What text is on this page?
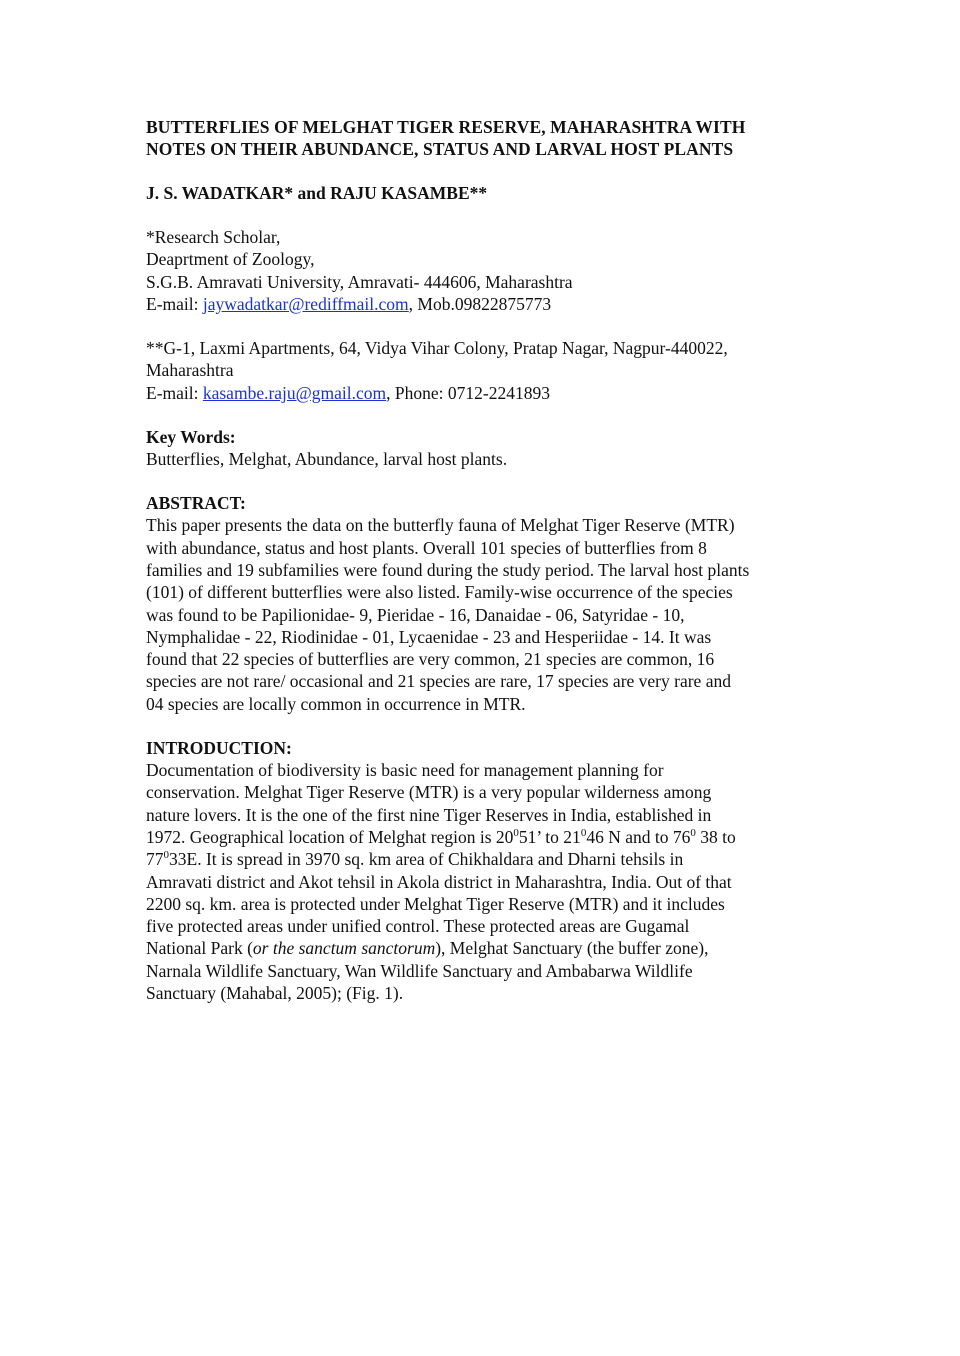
BUTTERFLIES OF MELGHAT TIGER RESERVE, MAHARASHTRA WITH
NOTES ON THEIR ABUNDANCE, STATUS AND LARVAL HOST PLANTS
J. S. WADATKAR* and RAJU KASAMBE**
*Research Scholar,
Deaprtment of Zoology,
S.G.B. Amravati University, Amravati- 444606, Maharashtra
E-mail: jaywadatkar@rediffmail.com, Mob.09822875773
**G-1, Laxmi Apartments, 64, Vidya Vihar Colony, Pratap Nagar, Nagpur-440022,
Maharashtra
E-mail: kasambe.raju@gmail.com, Phone: 0712-2241893
Key Words:
Butterflies, Melghat, Abundance, larval host plants.
ABSTRACT:
This paper presents the data on the butterfly fauna of Melghat Tiger Reserve (MTR)
with abundance, status and host plants. Overall 101 species of butterflies from 8
families and 19 subfamilies were found during the study period. The larval host plants
(101) of different butterflies were also listed. Family-wise occurrence of the species
was found to be Papilionidae- 9, Pieridae - 16, Danaidae - 06, Satyridae - 10,
Nymphalidae - 22, Riodinidae - 01, Lycaenidae - 23 and Hesperiidae - 14. It was
found that 22 species of butterflies are very common, 21 species are common, 16
species are not rare/ occasional and 21 species are rare, 17 species are very rare and
04 species are locally common in occurrence in MTR.
INTRODUCTION:
Documentation of biodiversity is basic need for management planning for
conservation. Melghat Tiger Reserve (MTR) is a very popular wilderness among
nature lovers. It is the one of the first nine Tiger Reserves in India, established in
1972. Geographical location of Melghat region is $20^051$’ to $21^046$ N and to $76^0$ 38 to
$77^033E$. It is spread in 3970 sq. km area of Chikhaldara and Dharni tehsils in
Amravati district and Akot tehsil in Akola district in Maharashtra, India. Out of that
2200 sq. km. area is protected under Melghat Tiger Reserve (MTR) and it includes
five protected areas under unified control. These protected areas are Gugamal
National Park (or the sanctum sanctorum), Melghat Sanctuary (the buffer zone),
Narnala Wildlife Sanctuary, Wan Wildlife Sanctuary and Ambabarwa Wildlife
Sanctuary (Mahabal, 2005); (Fig. 1).
